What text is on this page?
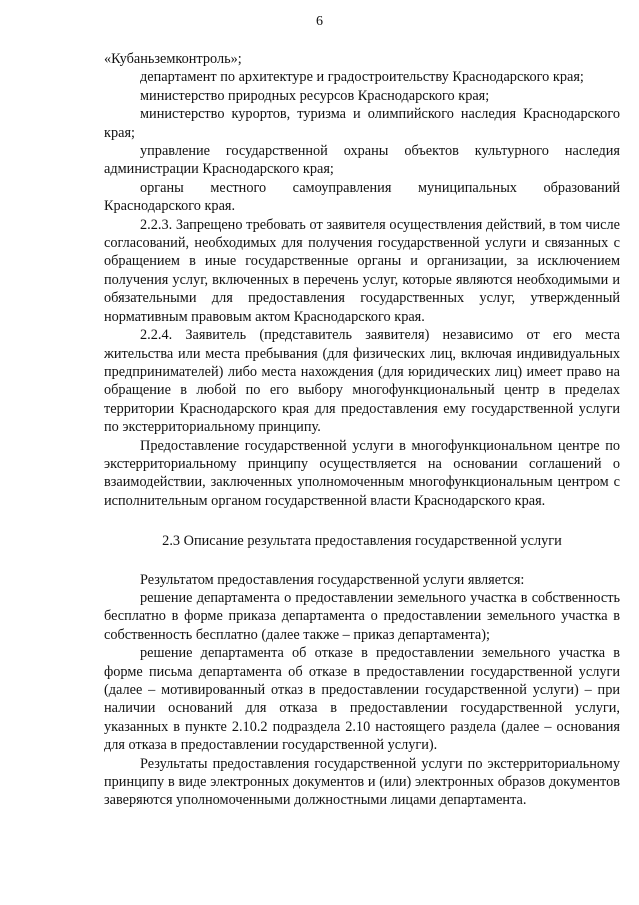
6

«Кубаньземконтроль»;

департамент по архитектуре и градостроительству Краснодарского края;

министерство природных ресурсов Краснодарского края;

министерство курортов, туризма и олимпийского наследия Краснодарского края;

управление государственной охраны объектов культурного наследия администрации Краснодарского края;

органы местного самоуправления муниципальных образований Краснодарского края.

2.2.3. Запрещено требовать от заявителя осуществления действий, в том числе согласований, необходимых для получения государственной услуги и связанных с обращением в иные государственные органы и организации, за исключением получения услуг, включенных в перечень услуг, которые являются необходимыми и обязательными для предоставления государственных услуг, утвержденный нормативным правовым актом Краснодарского края.

2.2.4. Заявитель (представитель заявителя) независимо от его места жительства или места пребывания (для физических лиц, включая индивидуальных предпринимателей) либо места нахождения (для юридических лиц) имеет право на обращение в любой по его выбору многофункциональный центр в пределах территории Краснодарского края для предоставления ему государственной услуги по экстерриториальному принципу.

Предоставление государственной услуги в многофункциональном центре по экстерриториальному принципу осуществляется на основании соглашений о взаимодействии, заключенных уполномоченным многофункциональным центром с исполнительным органом государственной власти Краснодарского края.

2.3 Описание результата предоставления государственной услуги

Результатом предоставления государственной услуги является:

решение департамента о предоставлении земельного участка в собственность бесплатно в форме приказа департамента о предоставлении земельного участка в собственность бесплатно (далее также – приказ департамента);

решение департамента об отказе в предоставлении земельного участка в форме письма департамента об отказе в предоставлении государственной услуги (далее – мотивированный отказ в предоставлении государственной услуги) – при наличии оснований для отказа в предоставлении государственной услуги, указанных в пункте 2.10.2 подраздела 2.10 настоящего раздела (далее – основания для отказа в предоставлении государственной услуги).

Результаты предоставления государственной услуги по экстерриториальному принципу в виде электронных документов и (или) электронных образов документов заверяются уполномоченными должностными лицами департамента.
